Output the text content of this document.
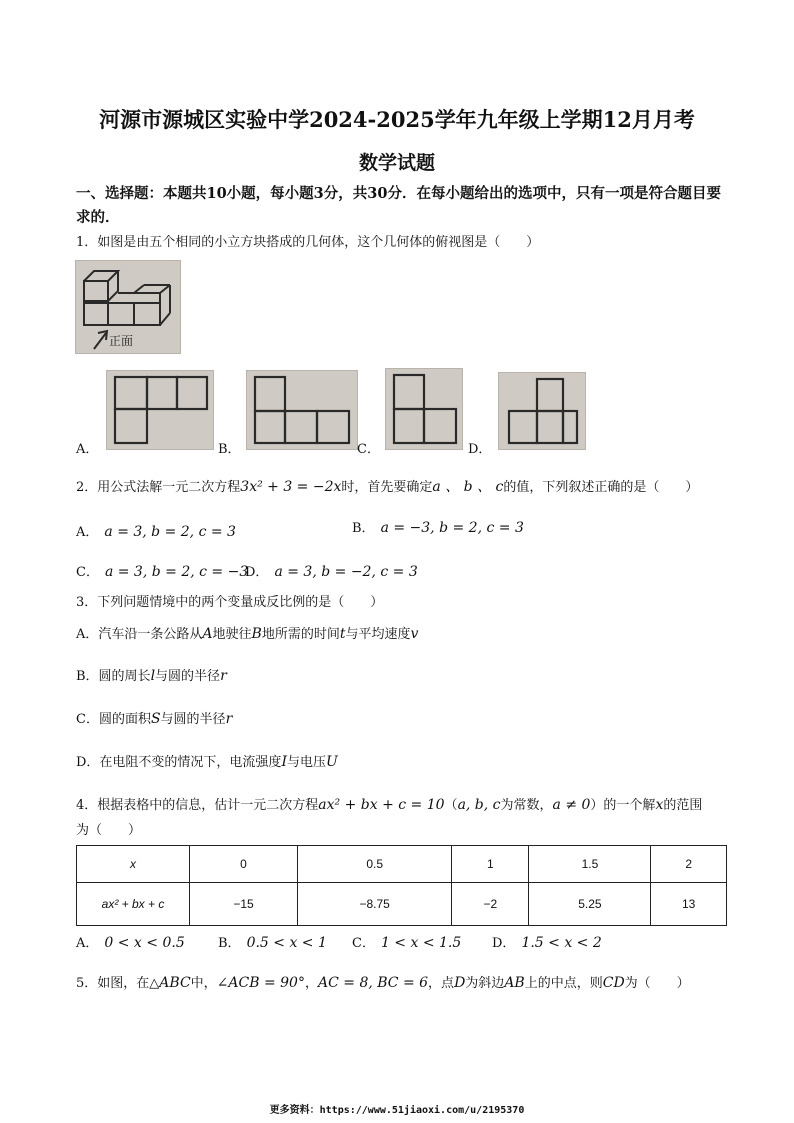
河源市源城区实验中学2024-2025学年九年级上学期12月月考
数学试题
一、选择题：本题共10小题，每小题3分，共30分．在每小题给出的选项中，只有一项是符合题目要求的．
1．如图是由五个相同的小立方块搭成的几何体，这个几何体的俯视图是（　　）
正面
A．	B．	C．	D．
2．用公式法解一元二次方程3x² + 3 = −2x时，首先要确定a 、 b 、 c的值，下列叙述正确的是（　　）
A． a = 3, b = 2, c = 3	B． a = −3, b = 2, c = 3
C． a = 3, b = 2, c = −3
D． a = 3, b = −2, c = 3
3．下列问题情境中的两个变量成反比例的是（　　）
A．汽车沿一条公路从A地驶往B地所需的时间t与平均速度v
B．圆的周长l与圆的半径r
C．圆的面积S与圆的半径r
D．在电阻不变的情况下，电流强度I与电压U
4．根据表格中的信息，估计一元二次方程ax² + bx + c = 10（a, b, c为常数，a ≠ 0）的一个解x的范围
为（　　）
x	0	0.5	1	1.5	2
ax² + bx + c	−15	−8.75	−2	5.25	13
A． 0 < x < 0.5	B． 0.5 < x < 1 C． 1 < x < 1.5 D． 1.5 < x < 2
5．如图，在△ABC中，∠ACB = 90°，AC = 8, BC = 6，点D为斜边AB上的中点，则CD为（　　）
更多资料：https://www.51jiaoxi.com/u/2195370
